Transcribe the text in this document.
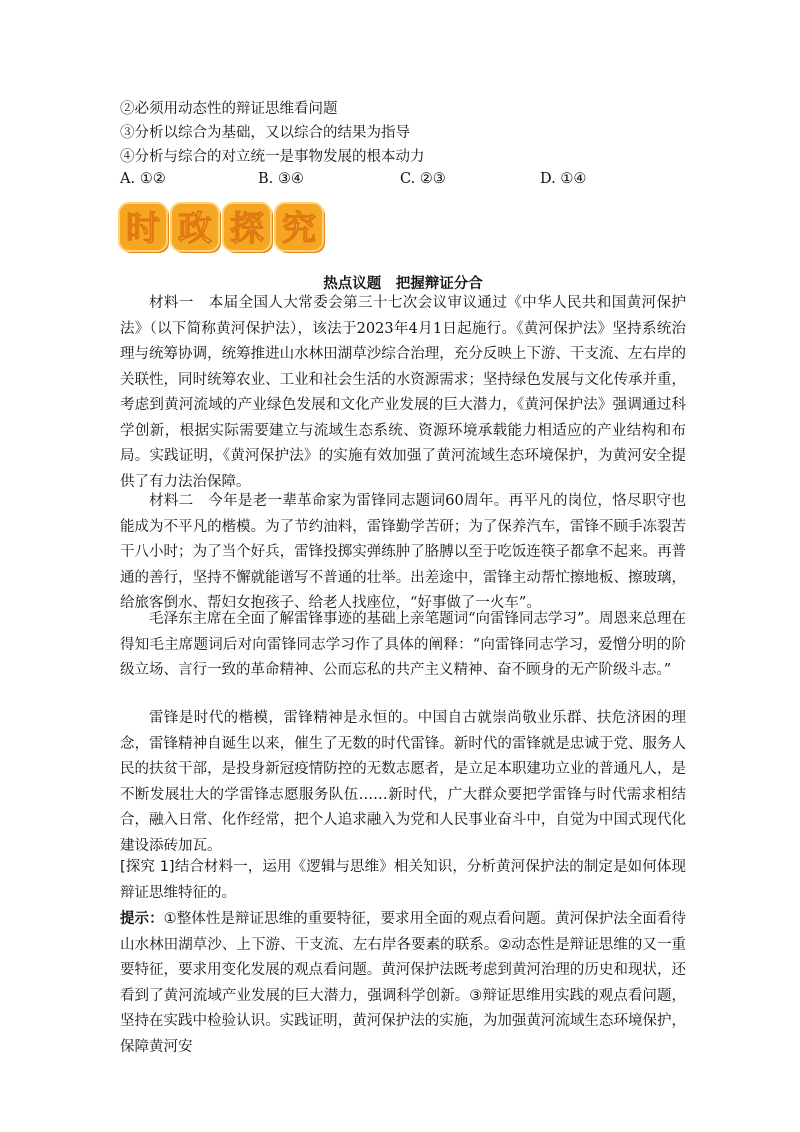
②必须用动态性的辩证思维看问题
③分析以综合为基础，又以综合的结果为指导
④分析与综合的对立统一是事物发展的根本动力
A. ①②	B. ③④	C. ②③	D. ①④
时 政 探 究
热点议题　把握辩证分合
材料一　本届全国人大常委会第三十七次会议审议通过《中华人民共和国黄河保护法》（以下简称黄河保护法），该法于2023年4月1日起施行。《黄河保护法》坚持系统治理与统筹协调，统筹推进山水林田湖草沙综合治理，充分反映上下游、干支流、左右岸的关联性，同时统筹农业、工业和社会生活的水资源需求；坚持绿色发展与文化传承并重，考虑到黄河流域的产业绿色发展和文化产业发展的巨大潜力，《黄河保护法》强调通过科学创新，根据实际需要建立与流域生态系统、资源环境承载能力相适应的产业结构和布局。实践证明，《黄河保护法》的实施有效加强了黄河流域生态环境保护，为黄河安全提供了有力法治保障。
材料二　今年是老一辈革命家为雷锋同志题词60周年。再平凡的岗位，恪尽职守也能成为不平凡的楷模。为了节约油料，雷锋勤学苦研；为了保养汽车，雷锋不顾手冻裂苦干八小时；为了当个好兵，雷锋投掷实弹练肿了胳膊以至于吃饭连筷子都拿不起来。再普通的善行，坚持不懈就能谱写不普通的壮举。出差途中，雷锋主动帮忙擦地板、擦玻璃，给旅客倒水、帮妇女抱孩子、给老人找座位，“好事做了一火车”。
毛泽东主席在全面了解雷锋事迹的基础上亲笔题词“向雷锋同志学习”。周恩来总理在得知毛主席题词后对向雷锋同志学习作了具体的阐释：“向雷锋同志学习，爱憎分明的阶级立场、言行一致的革命精神、公而忘私的共产主义精神、奋不顾身的无产阶级斗志。”
雷锋是时代的楷模，雷锋精神是永恒的。中国自古就崇尚敬业乐群、扶危济困的理念，雷锋精神自诞生以来，催生了无数的时代雷锋。新时代的雷锋就是忠诚于党、服务人民的扶贫干部，是投身新冠疫情防控的无数志愿者，是立足本职建功立业的普通凡人，是不断发展壮大的学雷锋志愿服务队伍……新时代，广大群众要把学雷锋与时代需求相结合，融入日常、化作经常，把个人追求融入为党和人民事业奋斗中，自觉为中国式现代化建设添砖加瓦。
[探究 1]结合材料一，运用《逻辑与思维》相关知识，分析黄河保护法的制定是如何体现辩证思维特征的。
提示：①整体性是辩证思维的重要特征，要求用全面的观点看问题。黄河保护法全面看待山水林田湖草沙、上下游、干支流、左右岸各要素的联系。②动态性是辩证思维的又一重要特征，要求用变化发展的观点看问题。黄河保护法既考虑到黄河治理的历史和现状，还看到了黄河流域产业发展的巨大潜力，强调科学创新。③辩证思维用实践的观点看问题，坚持在实践中检验认识。实践证明，黄河保护法的实施，为加强黄河流域生态环境保护，保障黄河安
